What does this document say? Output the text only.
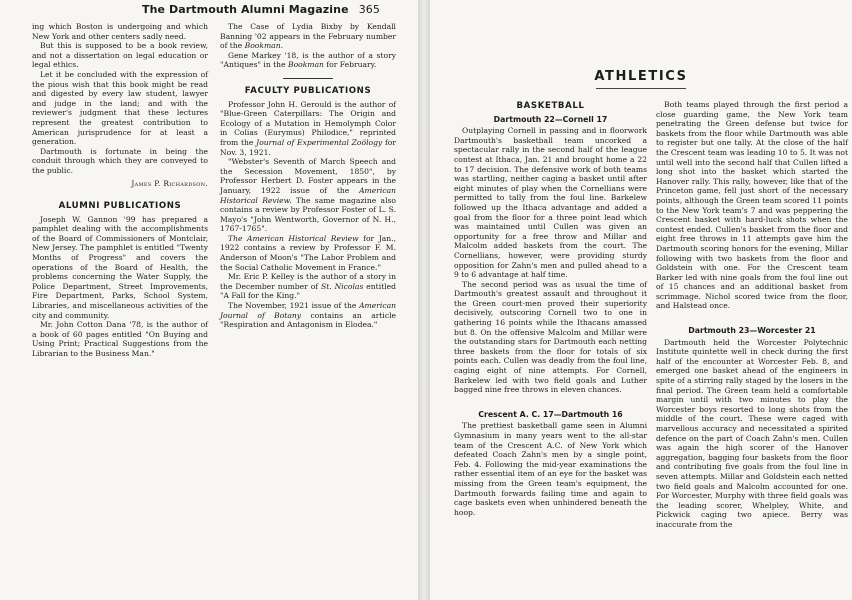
The Dartmouth Alumni Magazine 365

ing which Boston is undergoing and which New York and other centers sadly need.

But this is supposed to be a book review, and not a dissertation on legal education or legal ethics.

Let it be concluded with the expression of the pious wish that this book might be read and digested by every law student, lawyer and judge in the land; and with the reviewer's judgment that these lectures represent the greatest contribution to American jurisprudence for at least a generation.

Dartmouth is fortunate in being the conduit through which they are conveyed to the public.

James P. Richardson.
ALUMNI PUBLICATIONS

Joseph W. Gannon '99 has prepared a pamphlet dealing with the accomplishments of the Board of Commissioners of Montclair, New Jersey. The pamphlet is entitled "Twenty Months of Progress" and covers the operations of the Board of Health, the problems concerning the Water Supply, the Police Department, Street Improvements, Fire Department, Parks, School System, Libraries, and miscellaneous activities of the city and community.

Mr. John Cotton Dana '78, is the author of a book of 60 pages entitled "On Buying and Using Print; Practical Suggestions from the Librarian to the Business Man."

The Case of Lydia Bixby by Kendall Banning '02 appears in the February number of the Bookman.

Gene Markey '18, is the author of a story "Antiques" in the Bookman for February.

FACULTY PUBLICATIONS

Professor John H. Gerould is the author of "Blue-Green Caterpillars: The Origin and Ecology of a Mutation in Hemolymph Color in Colias (Eurymus) Philodice," reprinted from the Journal of Experimental Zoölogy for Nov. 3, 1921.

"Webster's Seventh of March Speech and the Secession Movement, 1850", by Professor Herbert D. Foster appears in the January, 1922 issue of the American Historical Review. The same magazine also contains a review by Professor Foster of L. S. Mayo's "John Wentworth, Governor of N. H., 1767-1765".

The American Historical Review for Jan., 1922 contains a review by Professor F. M. Anderson of Moon's "The Labor Problem and the Social Catholic Movement in France."

Mr. Eric P. Kelley is the author of a story in the December number of St. Nicolas entitled "A Fall for the King."

The November, 1921 issue of the American Journal of Botany contains an article "Respiration and Antagonism in Elodea."

ATHLETICS
BASKETBALL
Dartmouth 22—Cornell 17

Outplaying Cornell in passing and in floorwork Dartmouth's basketball team uncorked a spectacular rally in the second half of the league contest at Ithaca, Jan. 21 and brought home a 22 to 17 decision. The defensive work of both teams was startling, neither caging a basket until after eight minutes of play when the Cornellians were permitted to tally from the foul line. Barkelew followed up the Ithaca advantage and added a goal from the floor for a three point lead which was maintained until Cullen was given an opportunity for a free throw and Millar and Malcolm added baskets from the court. The Cornellians, however, were providing sturdy opposition for Zahn's men and pulled ahead to a 9 to 6 advantage at half time.

The second period was as usual the time of Dartmouth's greatest assault and throughout it the Green court-men proved their superiority decisively, outscoring Cornell two to one in gathering 16 points while the Ithacans amassed but 8. On the offensive Malcolm and Millar were the outstanding stars for Dartmouth each netting three baskets from the floor for totals of six points each. Cullen was deadly from the foul line, caging eight of nine attempts. For Cornell, Barkelew led with two field goals and Luther bagged nine free throws in eleven chances.

Crescent A. C. 17—Dartmouth 16

The prettiest basketball game seen in Alumni Gymnasium in many years went to the all-star team of the Crescent A.C. of New York which defeated Coach Zahn's men by a single point, Feb. 4. Following the mid-year examinations the rather essential item of an eye for the basket was missing from the Green team's equipment, the Dartmouth forwards failing time and again to cage baskets even when unhindered beneath the hoop.

Both teams played through the first period a close guarding game, the New York team penetrating the Green defense but twice for baskets from the floor while Dartmouth was able to register but one tally. At the close of the half the Crescent team was leading 10 to 5. It was not until well into the second half that Cullen lifted a long shot into the basket which started the Hanover rally. This rally, however, like that of the Princeton game, fell just short of the necessary points, although the Green team scored 11 points to the New York team's 7 and was peppering the Crescent basket with hard-luck shots when the contest ended. Cullen's basket from the floor and eight free throws in 11 attempts gave him the Dartmouth scoring honors for the evening, Millar following with two baskets from the floor and Goldstein with one. For the Crescent team Barker led with nine goals from the foul line out of 15 chances and an additional basket from scrimmage. Nichol scored twice from the floor, and Halstead once.

Dartmouth 23—Worcester 21

Dartmouth held the Worcester Polytechnic Institute quintette well in check during the first half of the encounter at Worcester Feb. 8, and emerged one basket ahead of the engineers in spite of a stirring rally staged by the losers in the final period. The Green team held a comfortable margin until with two minutes to play the Worcester boys resorted to long shots from the middle of the court. These were caged with marvellous accuracy and necessitated a spirited defence on the part of Coach Zahn's men. Cullen was again the high scorer of the Hanover aggregation, bagging four baskets from the floor and contributing five goals from the foul line in seven attempts. Millar and Goldstein each netted two field goals and Malcolm accounted for one. For Worcester, Murphy with three field goals was the leading scorer, Whelpley, White, and Pickwick caging two apiece. Berry was inaccurate from the
